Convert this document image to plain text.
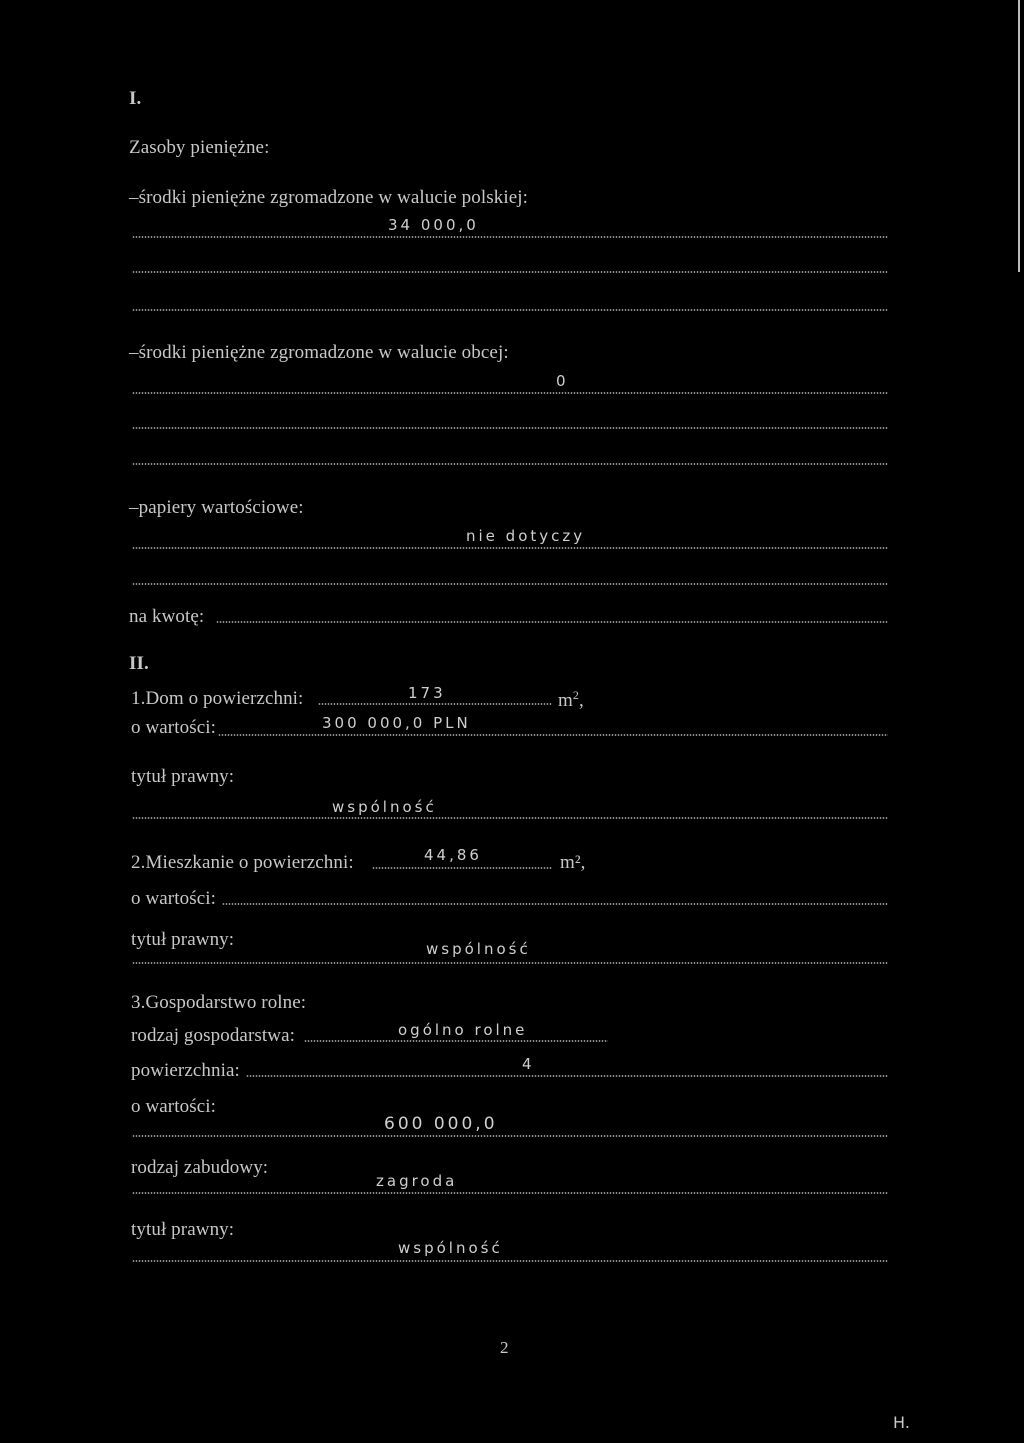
I.
Zasoby pieniężne:
–środki pieniężne zgromadzone w walucie polskiej:
34 000,0
–środki pieniężne zgromadzone w walucie obcej:
0
–papiery wartościowe:
nie dotyczy
na kwotę:
II.
1.Dom o powierzchni:	173	$m^2$,
o wartości:	300 000,0 PLN
tytuł prawny:
wspólność
2.Mieszkanie o powierzchni:	44,86	m²,
o wartości:
tytuł prawny:	wspólność
3.Gospodarstwo rolne:
rodzaj gospodarstwa:	ogólno rolne
powierzchnia:	4
o wartości:
600 000,0
rodzaj zabudowy:
zagroda
tytuł prawny:
wspólność
2
H.
